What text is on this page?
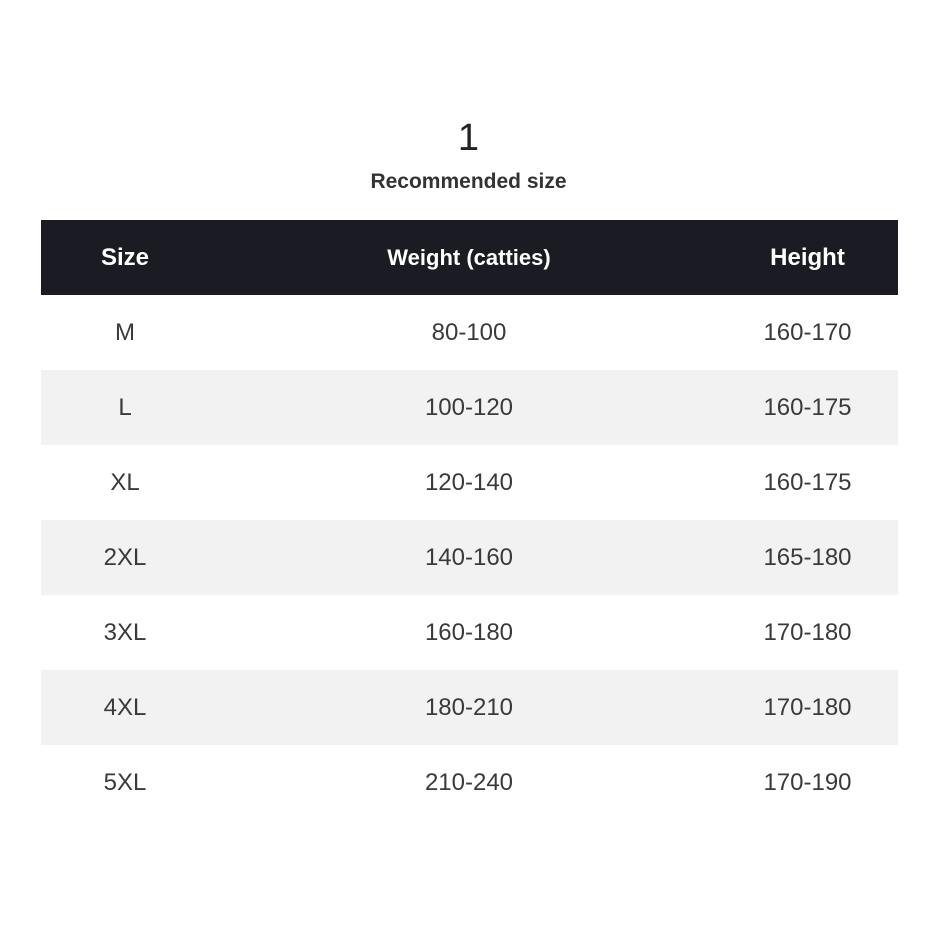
1
Recommended size
Size	Weight (catties)	Height
M	80-100	160-170
L	100-120	160-175
XL	120-140	160-175
2XL	140-160	165-180
3XL	160-180	170-180
4XL	180-210	170-180
5XL	210-240	170-190
